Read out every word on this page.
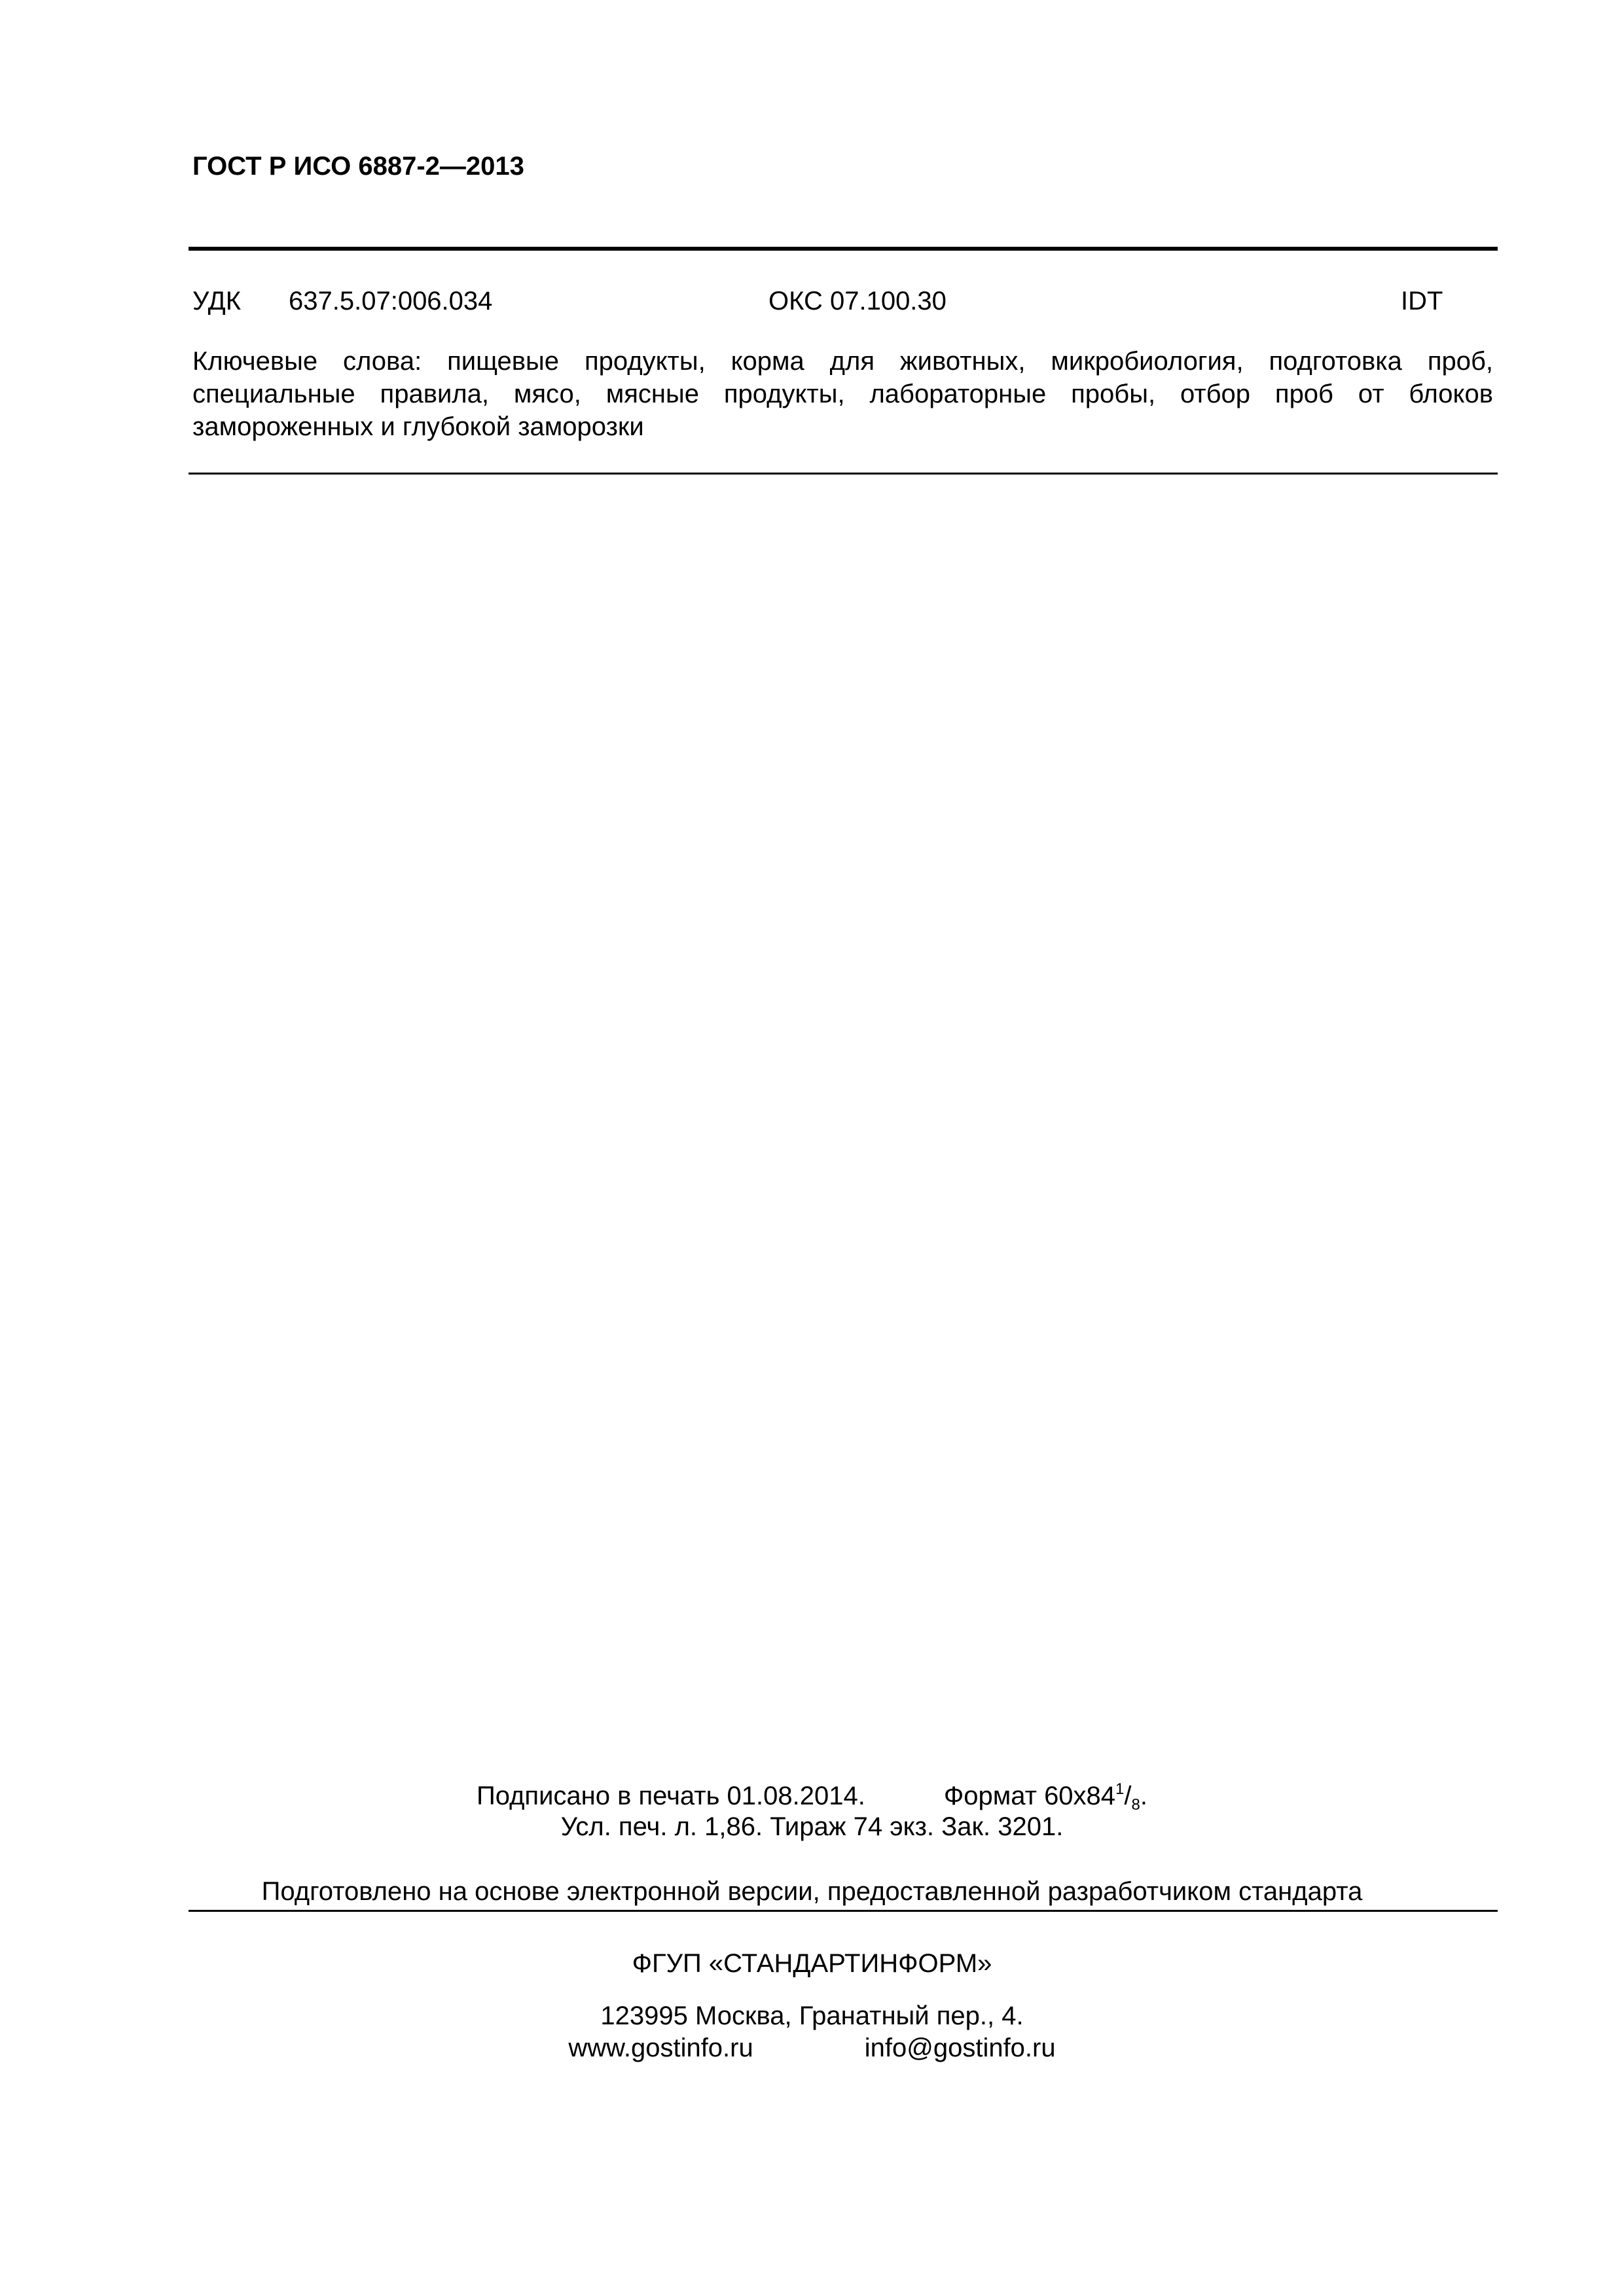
ГОСТ Р ИСО 6887-2—2013
УДК 637.5.07:006.034	ОКС 07.100.30	IDT
Ключевые слова: пищевые продукты, корма для животных, микробиология, подготовка проб,
специальные правила, мясо, мясные продукты, лабораторные пробы, отбор проб от блоков
замороженных и глубокой заморозки
Подписано в печать 01.08.2014.	Формат $60х84^1/_8$.
Усл. печ. л. 1,86. Тираж 74 экз. Зак. 3201.
Подготовлено на основе электронной версии, предоставленной разработчиком стандарта
ФГУП «СТАНДАРТИНФОРМ»
123995 Москва, Гранатный пер., 4.
www.gostinfo.ru	info@gostinfo.ru
